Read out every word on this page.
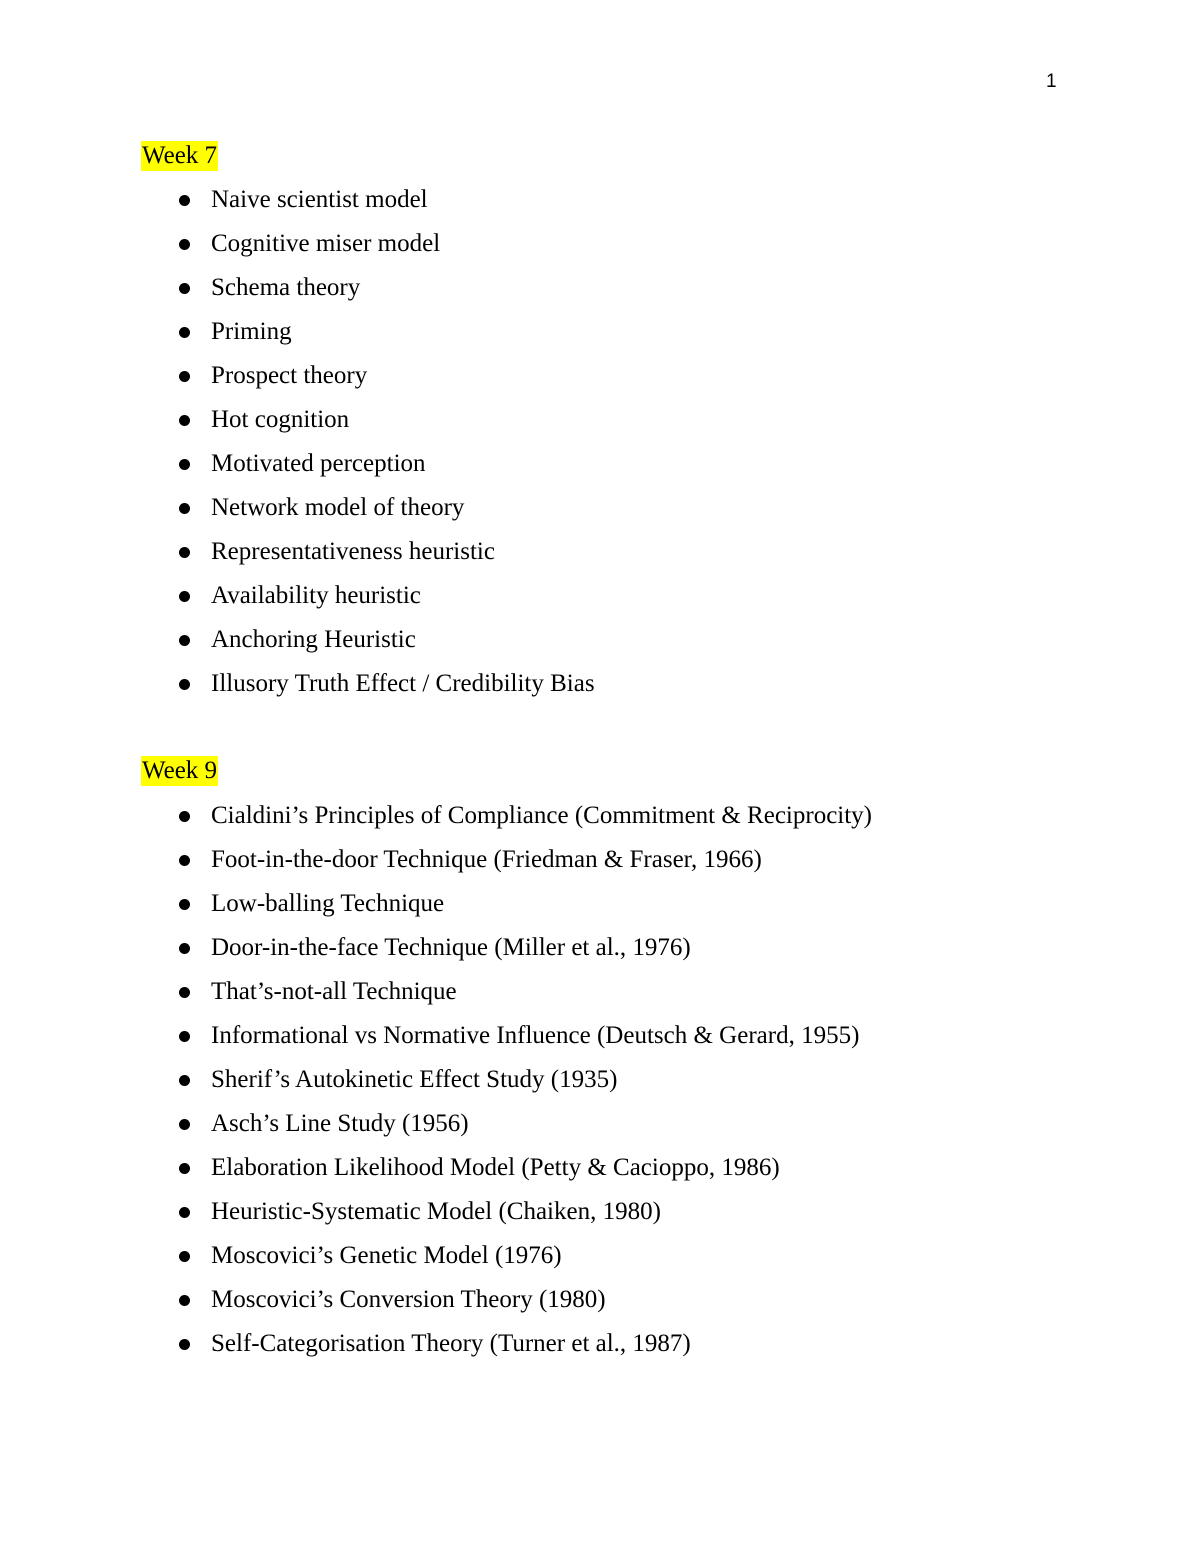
1
Week 7
Naive scientist model
Cognitive miser model
Schema theory
Priming
Prospect theory
Hot cognition
Motivated perception
Network model of theory
Representativeness heuristic
Availability heuristic
Anchoring Heuristic
Illusory Truth Effect / Credibility Bias
Week 9
Cialdini’s Principles of Compliance (Commitment & Reciprocity)
Foot-in-the-door Technique (Friedman & Fraser, 1966)
Low-balling Technique
Door-in-the-face Technique (Miller et al., 1976)
That’s-not-all Technique
Informational vs Normative Influence (Deutsch & Gerard, 1955)
Sherif’s Autokinetic Effect Study (1935)
Asch’s Line Study (1956)
Elaboration Likelihood Model (Petty & Cacioppo, 1986)
Heuristic-Systematic Model (Chaiken, 1980)
Moscovici’s Genetic Model (1976)
Moscovici’s Conversion Theory (1980)
Self-Categorisation Theory (Turner et al., 1987)
